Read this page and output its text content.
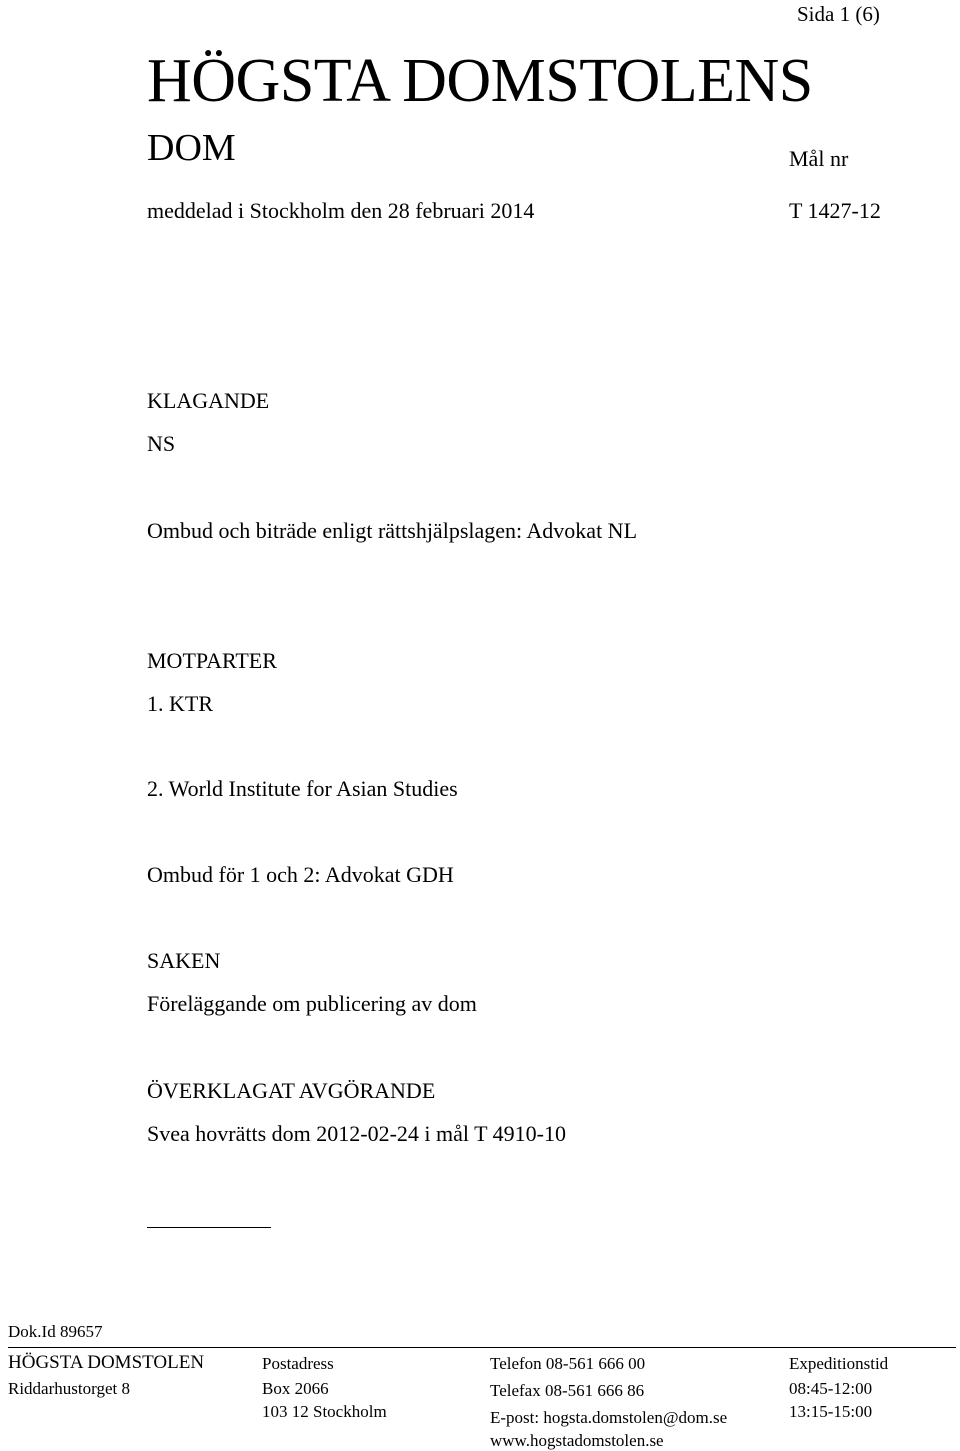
Sida 1 (6)
HÖGSTA DOMSTOLENS
DOM	Mål nr
meddelad i Stockholm den 28 februari 2014	T 1427-12
KLAGANDE
NS
Ombud och biträde enligt rättshjälpslagen: Advokat NL
MOTPARTER
1. KTR
2. World Institute for Asian Studies
Ombud för 1 och 2: Advokat GDH
SAKEN
Föreläggande om publicering av dom
ÖVERKLAGAT AVGÖRANDE
Svea hovrätts dom 2012-02-24 i mål T 4910-10
Dok.Id 89657
HÖGSTA DOMSTOLEN
Riddarhustorget 8
Postadress
Box 2066
103 12 Stockholm
Telefon 08-561 666 00
Telefax 08-561 666 86
E-post: hogsta.domstolen@dom.se
www.hogstadomstolen.se
Expeditionstid
08:45-12:00
13:15-15:00
